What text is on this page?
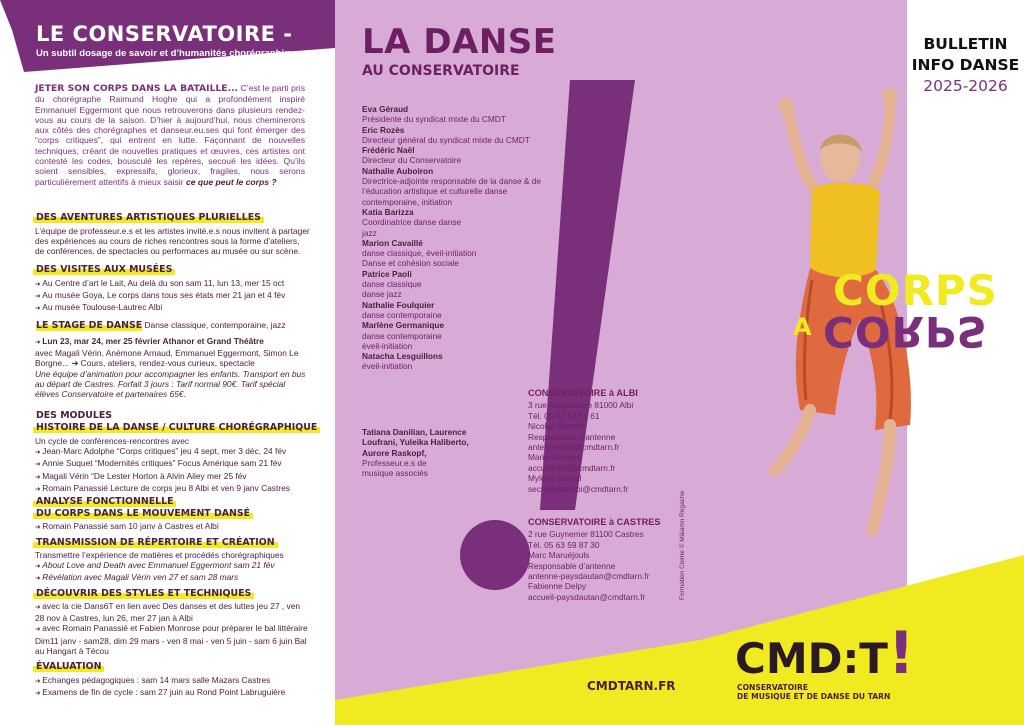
LE CONSERVATOIRE -
Un subtil dosage de savoir et d’humanités chorégraphiques
JETER SON CORPS DANS LA BATAILLE... C’est le parti pris du chorégraphe Raimund Hoghe qui a profondément inspiré Emmanuel Eggermont que nous retrouverons dans plusieurs rendez-vous au cours de la saison. D’hier à aujourd’hui, nous cheminerons aux côtés des chorégraphes et danseur.eu.ses qui font émerger des “corps critiques”, qui entrent en lutte. Façonnant de nouvelles techniques, créant de nouvelles pratiques et œuvres, ces artistes ont contesté les codes, bousculé les repères, secoué les idées. Qu’ils soient sensibles, expressifs, glorieux, fragiles, nous serons particulièrement attentifs à mieux saisir ce que peut le corps ?
DES AVENTURES ARTISTIQUES PLURIELLES
L’équipe de professeur.e.s et les artistes invité.e.s nous invitent à partager des expériences au cours de riches rencontres sous la forme d’ateliers, de conférences, de spectacles ou performaces au musée ou sur scène.
DES VISITES AUX MUSÉES
➜ Au Centre d’art le Lait, Au delà du son sam 11, lun 13, mer 15 oct
➜ Au musée Goya, Le corps dans tous ses états mer 21 jan et 4 fév
➜ Au musée Toulouse-Lautrec Albi
LE STAGE DE DANSE Danse classique, contemporaine, jazz
➜ Lun 23, mar 24, mer 25 février Athanor et Grand Théâtre
avec Magali Vérin, Anémone Arnaud, Emmanuel Eggermont, Simon Le Borgne... ➜ Cours, ateliers, rendez-vous curieux, spectacle
Une équipe d’animation pour accompagner les enfants. Transport en bus au départ de Castres. Forfait 3 jours : Tarif normal 90€. Tarif spécial élèves Conservatoire et partenaires 65€.
DES MODULES
HISTOIRE DE LA DANSE / CULTURE CHORÉGRAPHIQUE
Un cycle de conférences-rencontres avec
➜ Jean-Marc Adolphe “Corps critiques” jeu 4 sept, mer 3 déc, 24 fév
➜ Annie Suquet “Modernités critiques” Focus Amérique sam 21 fév
➜ Magali Vérin “De Lester Horton à Alvin Ailey mer 25 fév
➜ Romain Panassié Lecture de corps jeu 8 Albi et ven 9 janv Castres
ANALYSE FONCTIONNELLE
DU CORPS DANS LE MOUVEMENT DANSÉ
➜ Romain Panassié sam 10 janv à Castres et Albi
TRANSMISSION DE RÉPERTOIRE ET CRÉATION
Transmettre l’expérience de matières et procédés chorégraphiques
➜ About Love and Death avec Emmanuel Eggermont sam 21 fév
➜ Révélation avec Magali Vérin ven 27 et sam 28 mars
DÉCOUVRIR DES STYLES ET TECHNIQUES
➜ avec la cie Dans6T en lien avec Des danses et des luttes jeu 27 , ven 28 nov à Castres, lun 26, mer 27 jan à Albi
➜ avec Romain Panassié et Fabien Monrose pour préparer le bal littéraire Dim11 janv - sam28, dim 29 mars - ven 8 mai - ven 5 juin - sam 6 juin Bal au Hangart à Técou
ÉVALUATION
➜ Echanges pédagogiques : sam 14 mars salle Mazars Castres
➜ Examens de fin de cycle : sam 27 juin au Rond Point Labruguière
LA DANSE
AU CONSERVATOIRE
Eva Géraud
Présidente du syndicat mixte du CMDT
Eric Rozès
Directeur général du syndicat mixte du CMDT
Frédéric Naël
Directeur du Conservatoire
Nathalie Auboiron
Directrice-adjointe responsable de la danse & de l’éducation artistique et culturelle danse contemporaine, initiation
Katia Barizza
Coordinatrice danse danse jazz
Marion Cavaillé
danse classique, éveil-initiation Danse et cohésion sociale
Patrice Paoli
danse classique danse jazz
Nathalie Foulquier
danse contemporaine
Marlène Germanique
danse contemporaine éveil-initiation
Natacha Lesguillons
éveil-initiation
Tatiana Danilian, Laurence Loufrani, Yuleika Haliberto, Aurore Raskopf,
Professeur.e.s de musique associés
CONSERVATOIRE à ALBI
3 rue Roquelaure 81000 Albi
Tél. 05 63 54 51 61
Nicolas Storchi
Responsable d’antenne
antenne-albi@cmdtarn.fr
Marie Laurens
accueil-albi@cmdtarn.fr
Mylène Estival
secretariat-albi@cmdtarn.fr
CONSERVATOIRE à CASTRES
2 rue Guynemer 81100 Castres
Tél. 05 63 59 87 30
Marc Maruéjouls
Responsable d’antenne
antenne-paysdautan@cmdtarn.fr
Fabienne Delpy
accueil-paysdautan@cmdtarn.fr	Formation Colme © Mäiamn Régache
BULLETIN
INFO DANSE
2025-2026
CMDTARN.FR
CORPS
A CORPS
CMD:T!
CONSERVATOIRE
DE MUSIQUE ET DE DANSE DU TARN
